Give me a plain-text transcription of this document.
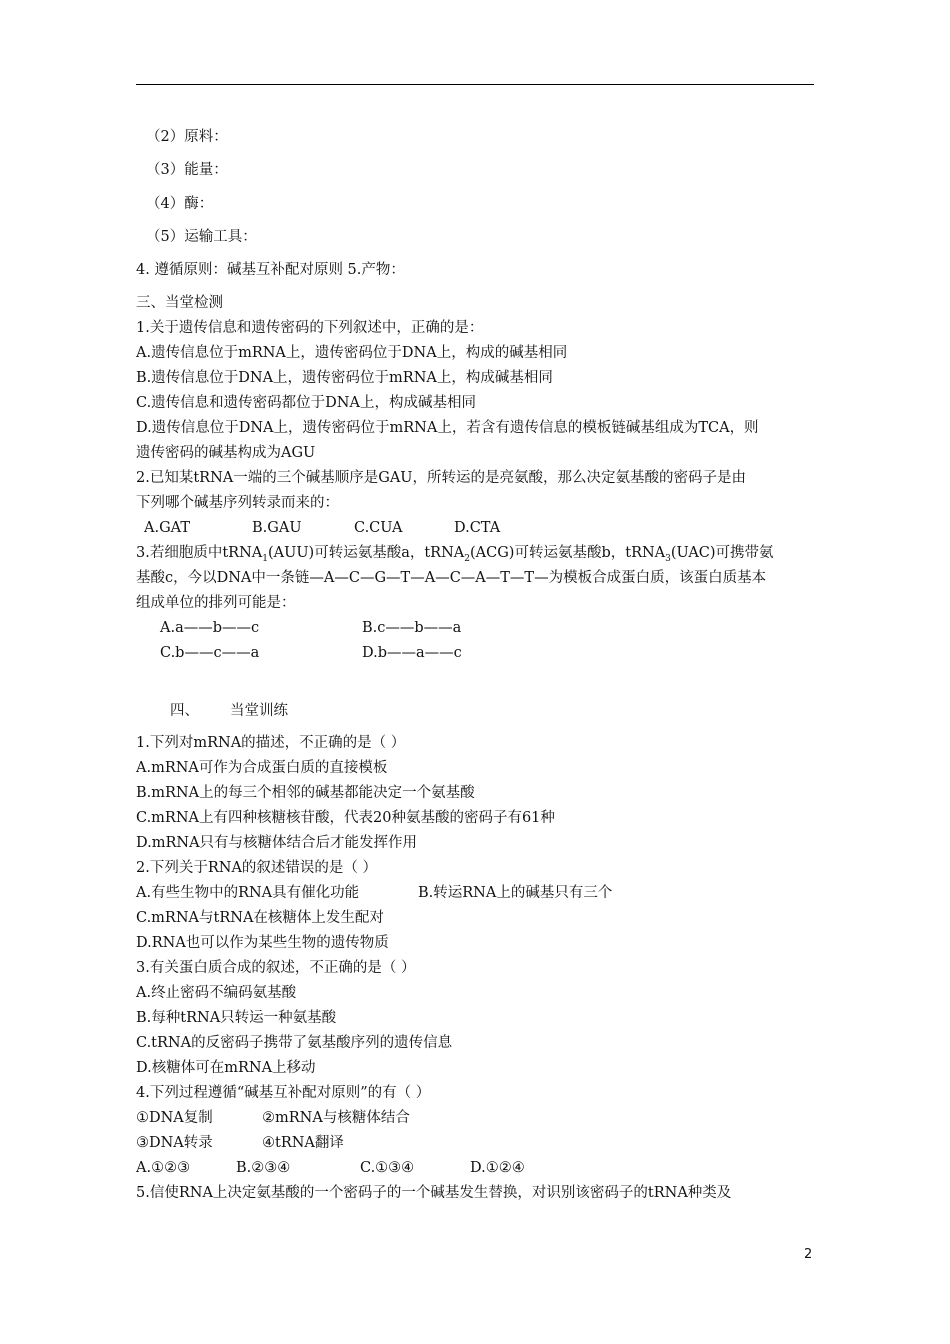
（2）原料：
（3）能量：
（4）酶：
（5）运输工具：
4. 遵循原则：碱基互补配对原则 5.产物：
三、当堂检测
1.关于遗传信息和遗传密码的下列叙述中，正确的是：
A.遗传信息位于mRNA上，遗传密码位于DNA上，构成的碱基相同
B.遗传信息位于DNA上，遗传密码位于mRNA上，构成碱基相同
C.遗传信息和遗传密码都位于DNA上，构成碱基相同
D.遗传信息位于DNA上，遗传密码位于mRNA上，若含有遗传信息的模板链碱基组成为TCA，则
遗传密码的碱基构成为AGU
2.已知某tRNA一端的三个碱基顺序是GAU，所转运的是亮氨酸，那么决定氨基酸的密码子是由
下列哪个碱基序列转录而来的：
A.GAT	B.GAU	C.CUA	D.CTA
3.若细胞质中tRNA$_1$(AUU)可转运氨基酸a，tRNA$_2$(ACG)可转运氨基酸b，tRNA$_3$(UAC)可携带氨
基酸c，今以DNA中一条链—A—C—G—T—A—C—A—T—T—为模板合成蛋白质，该蛋白质基本
组成单位的排列可能是：
A.a——b——c	B.c——b——a
C.b——c——a	D.b——a——c
四、 当堂训练
1.下列对mRNA的描述，不正确的是（ ）
A.mRNA可作为合成蛋白质的直接模板
B.mRNA上的每三个相邻的碱基都能决定一个氨基酸
C.mRNA上有四种核糖核苷酸，代表20种氨基酸的密码子有61种
D.mRNA只有与核糖体结合后才能发挥作用
2.下列关于RNA的叙述错误的是（ ）
A.有些生物中的RNA具有催化功能	B.转运RNA上的碱基只有三个
C.mRNA与tRNA在核糖体上发生配对
D.RNA也可以作为某些生物的遗传物质
3.有关蛋白质合成的叙述，不正确的是（ ）
A.终止密码不编码氨基酸
B.每种tRNA只转运一种氨基酸
C.tRNA的反密码子携带了氨基酸序列的遗传信息
D.核糖体可在mRNA上移动
4.下列过程遵循“碱基互补配对原则”的有（ ）
①DNA复制	②mRNA与核糖体结合
③DNA转录	④tRNA翻译
A.①②③	B.②③④	C.①③④	D.①②④
5.信使RNA上决定氨基酸的一个密码子的一个碱基发生替换，对识别该密码子的tRNA种类及
2
